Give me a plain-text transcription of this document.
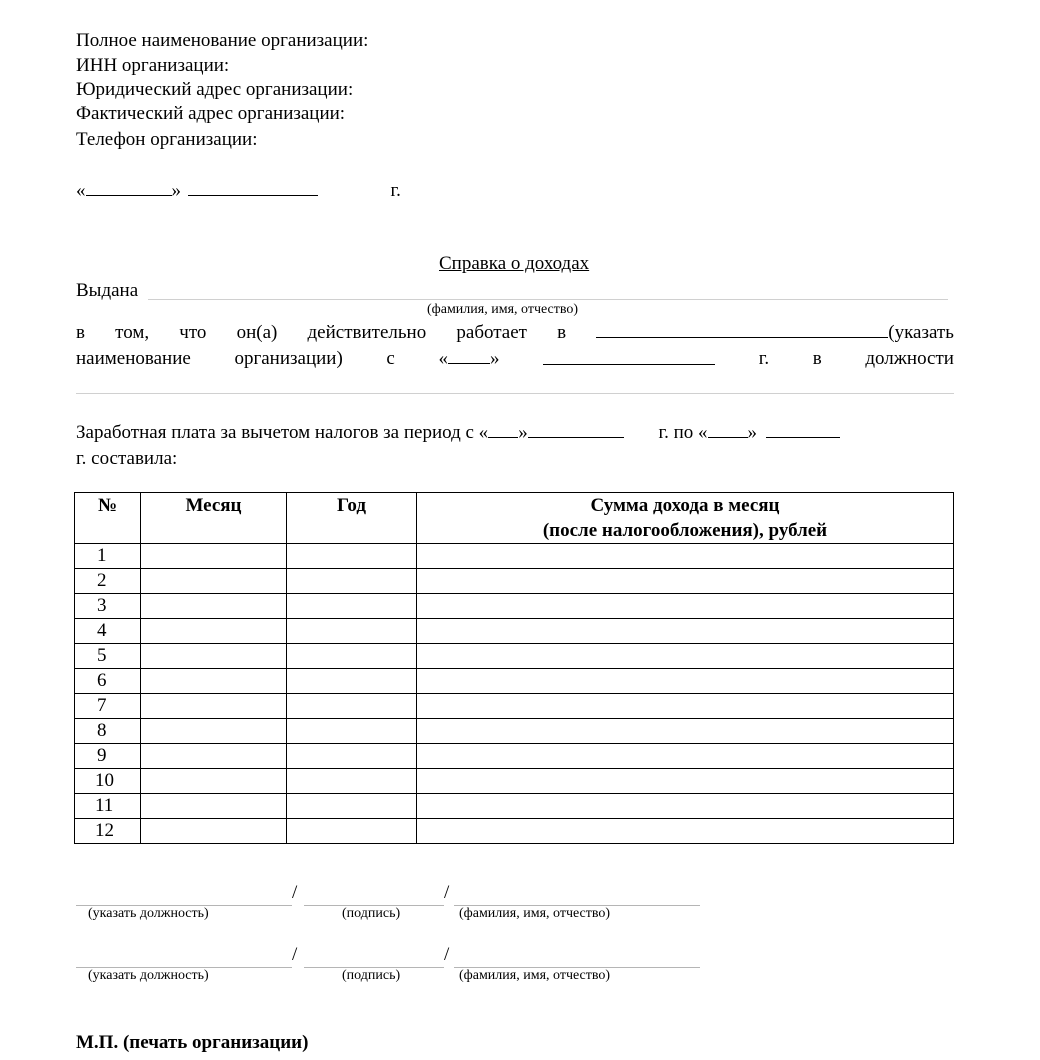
Полное наименование организации:
ИНН организации:
Юридический адрес организации:
Фактический адрес организации:
Телефон организации:
«	»	г.
Справка о доходах
Выдана
(фамилия, имя, отчество)
в том, что он(а) действительно работает в	(указать
наименование организации) с « »	г. в должности
Заработная плата за вычетом налогов за период с « »	г. по « »
г. составила:
№	Месяц	Год	Сумма дохода в месяц
(после налогообложения), рублей

1			
2			
3			
4			
5			
6			
7			
8			
9			
10			
11			
12			
/	/
(указать должность)	(подпись)	(фамилия, имя, отчество)
/	/
(указать должность)	(подпись)	(фамилия, имя, отчество)
М.П. (печать организации)
